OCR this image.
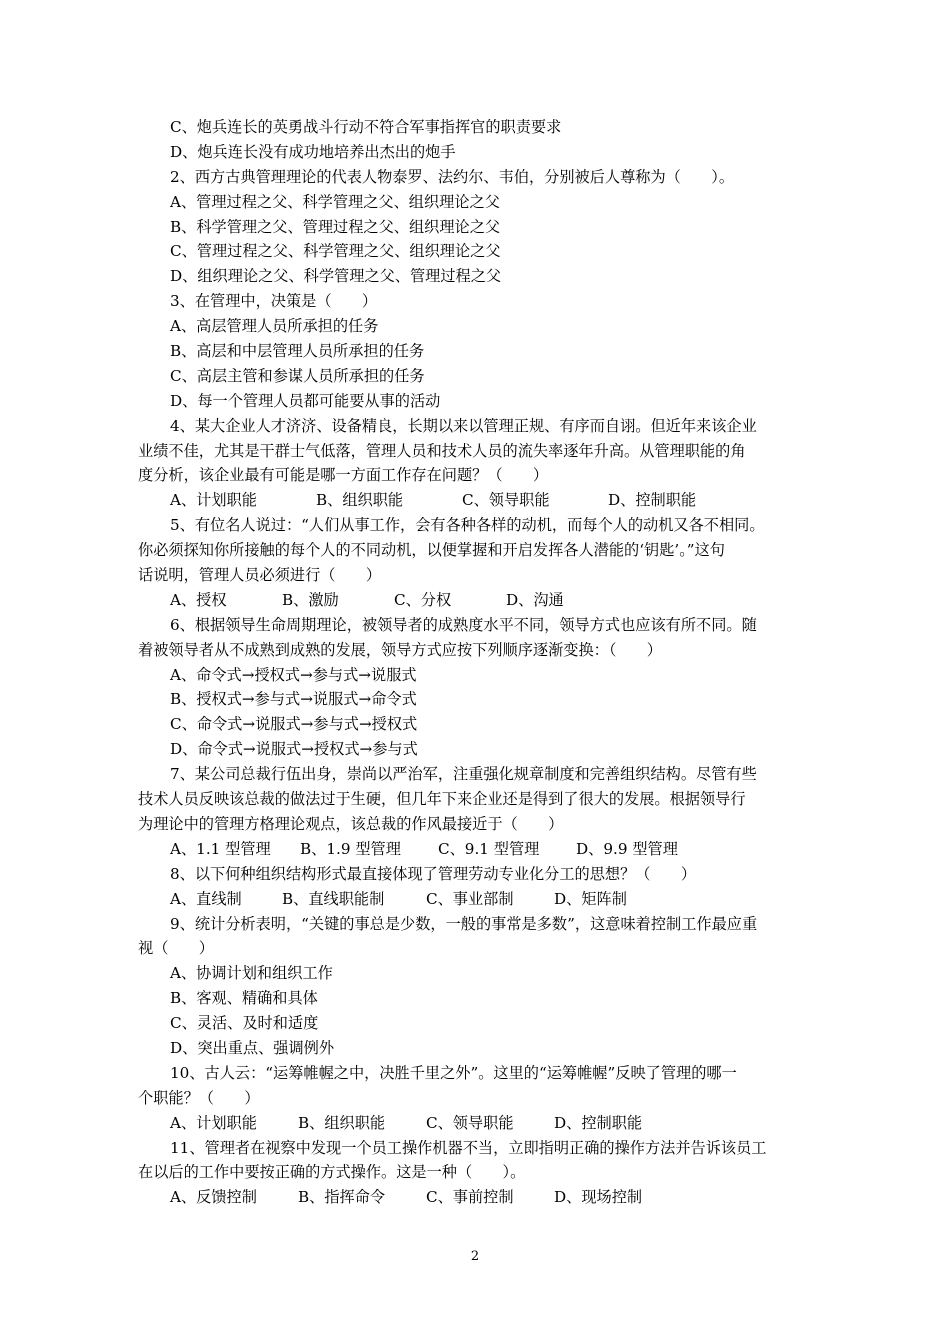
C、炮兵连长的英勇战斗行动不符合军事指挥官的职责要求
D、炮兵连长没有成功地培养出杰出的炮手
2、西方古典管理理论的代表人物泰罗、法约尔、韦伯，分别被后人尊称为（　　）。
A、管理过程之父、科学管理之父、组织理论之父
B、科学管理之父、管理过程之父、组织理论之父
C、管理过程之父、科学管理之父、组织理论之父
D、组织理论之父、科学管理之父、管理过程之父
3、在管理中，决策是（　　）
A、高层管理人员所承担的任务
B、高层和中层管理人员所承担的任务
C、高层主管和参谋人员所承担的任务
D、每一个管理人员都可能要从事的活动
4、某大企业人才济济、设备精良，长期以来以管理正规、有序而自诩。但近年来该企业
业绩不佳，尤其是干群士气低落，管理人员和技术人员的流失率逐年升高。从管理职能的角
度分析，该企业最有可能是哪一方面工作存在问题？（　　）
A、计划职能	B、组织职能	C、领导职能	D、控制职能
5、有位名人说过：“人们从事工作，会有各种各样的动机，而每个人的动机又各不相同。
你必须探知你所接触的每个人的不同动机，以便掌握和开启发挥各人潜能的‘钥匙’。”这句
话说明，管理人员必须进行（　　）
A、授权	B、激励	C、分权	D、沟通
6、根据领导生命周期理论，被领导者的成熟度水平不同，领导方式也应该有所不同。随
着被领导者从不成熟到成熟的发展，领导方式应按下列顺序逐渐变换：（　　）
A、命令式→授权式→参与式→说服式
B、授权式→参与式→说服式→命令式
C、命令式→说服式→参与式→授权式
D、命令式→说服式→授权式→参与式
7、某公司总裁行伍出身，崇尚以严治军，注重强化规章制度和完善组织结构。尽管有些
技术人员反映该总裁的做法过于生硬，但几年下来企业还是得到了很大的发展。根据领导行
为理论中的管理方格理论观点，该总裁的作风最接近于（　　）
A、1.1 型管理 B、1.9 型管理 C、9.1 型管理 D、9.9 型管理
8、以下何种组织结构形式最直接体现了管理劳动专业化分工的思想？（　　）
A、直线制	B、直线职能制	C、事业部制	D、矩阵制
9、统计分析表明，“关键的事总是少数，一般的事常是多数”，这意味着控制工作最应重
视（　　）
A、协调计划和组织工作
B、客观、精确和具体
C、灵活、及时和适度
D、突出重点、强调例外
10、古人云：“运筹帷幄之中，决胜千里之外”。这里的“运筹帷幄”反映了管理的哪一
个职能？（　　）
A、计划职能	B、组织职能	C、领导职能	D、控制职能
11、管理者在视察中发现一个员工操作机器不当，立即指明正确的操作方法并告诉该员工
在以后的工作中要按正确的方式操作。这是一种（　　）。
A、反馈控制	B、指挥命令	C、事前控制	D、现场控制
2
